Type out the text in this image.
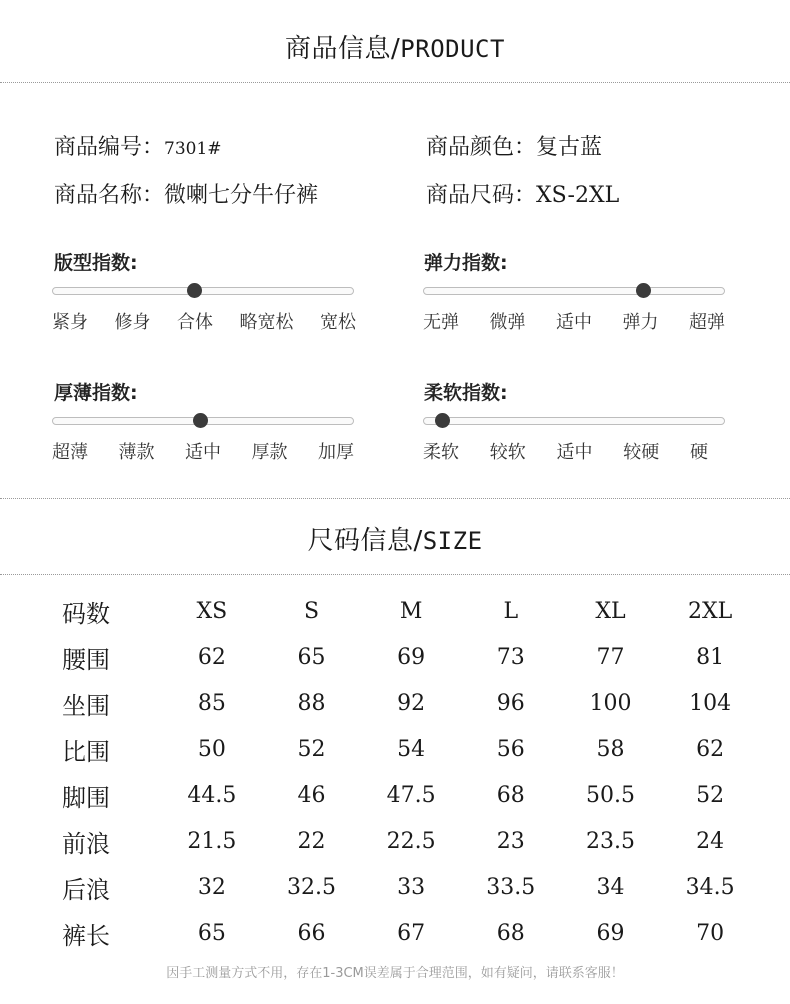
商品信息/PRODUCT
商品编号：7301#	商品颜色：复古蓝
商品名称：微喇七分牛仔裤	商品尺码：XS-2XL
版型指数:
紧身 修身 合体 略宽松 宽松
弹力指数:
无弹 微弹 适中 弹力 超弹
厚薄指数:
超薄 薄款 适中 厚款 加厚
柔软指数:
柔软 较软 适中 较硬 硬
尺码信息/SIZE
码数	XS	S	M	L	XL	2XL
腰围	62	65	69	73	77	81
坐围	85	88	92	96	100	104
比围	50	52	54	56	58	62
脚围	44.5	46	47.5	68	50.5	52
前浪	21.5	22	22.5	23	23.5	24
后浪	32	32.5	33	33.5	34	34.5
裤长	65	66	67	68	69	70
因手工测量方式不用，存在1-3CM误差属于合理范围，如有疑问，请联系客服！
